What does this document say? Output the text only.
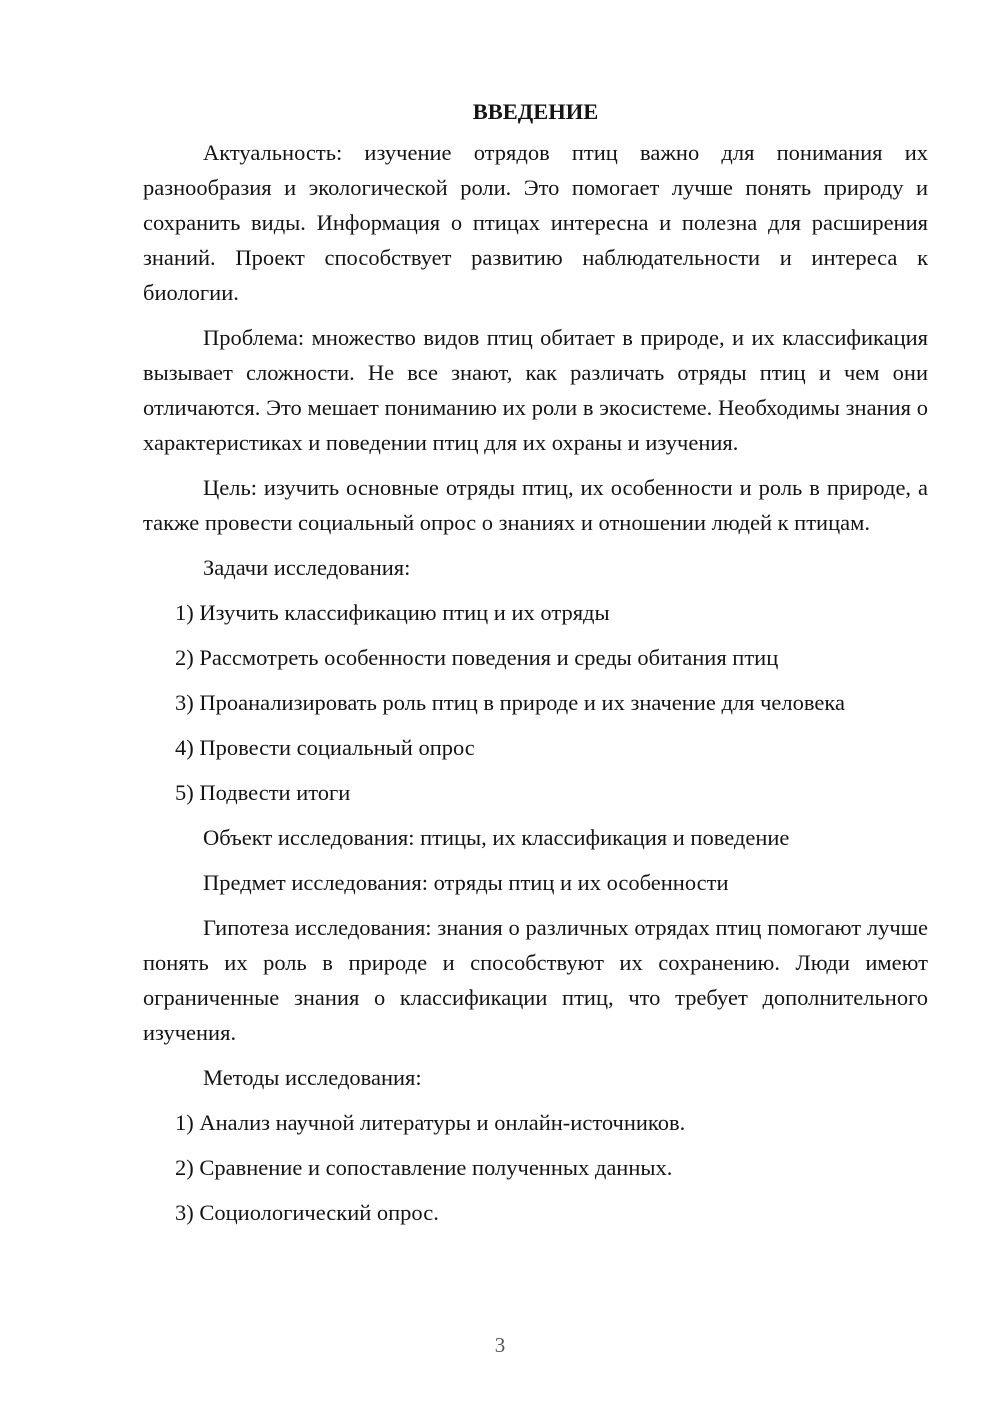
ВВЕДЕНИЕ

Актуальность: изучение отрядов птиц важно для понимания их разнообразия и экологической роли. Это помогает лучше понять природу и сохранить виды. Информация о птицах интересна и полезна для расширения знаний. Проект способствует развитию наблюдательности и интереса к биологии.

Проблема: множество видов птиц обитает в природе, и их классификация вызывает сложности. Не все знают, как различать отряды птиц и чем они отличаются. Это мешает пониманию их роли в экосистеме. Необходимы знания о характеристиках и поведении птиц для их охраны и изучения.

Цель: изучить основные отряды птиц, их особенности и роль в природе, а также провести социальный опрос о знаниях и отношении людей к птицам.

Задачи исследования:
1) Изучить классификацию птиц и их отряды
2) Рассмотреть особенности поведения и среды обитания птиц
3) Проанализировать роль птиц в природе и их значение для человека
4) Провести социальный опрос
5) Подвести итоги
Объект исследования: птицы, их классификация и поведение
Предмет исследования: отряды птиц и их особенности

Гипотеза исследования: знания о различных отрядах птиц помогают лучше понять их роль в природе и способствуют их сохранению. Люди имеют ограниченные знания о классификации птиц, что требует дополнительного изучения.

Методы исследования:
1) Анализ научной литературы и онлайн-источников.
2) Сравнение и сопоставление полученных данных.
3) Социологический опрос.
3
